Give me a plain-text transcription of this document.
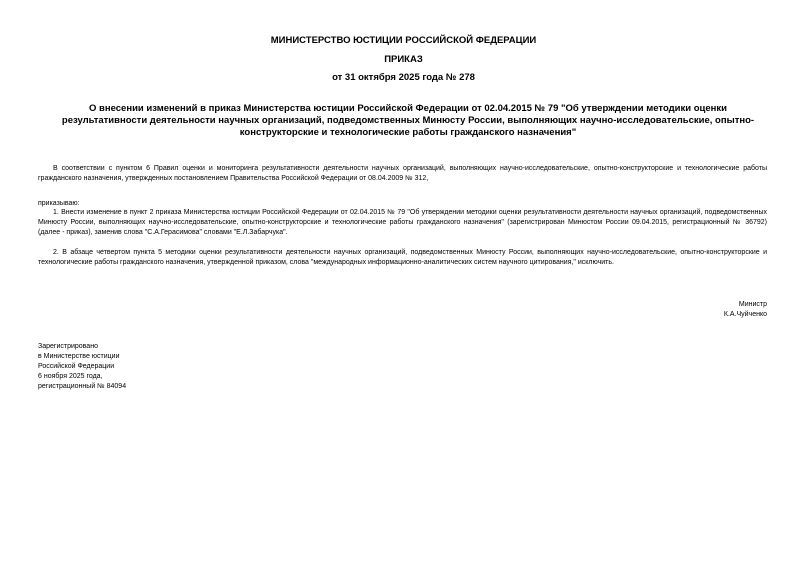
МИНИСТЕРСТВО ЮСТИЦИИ РОССИЙСКОЙ ФЕДЕРАЦИИ

ПРИКАЗ

от 31 октября 2025 года № 278

О внесении изменений в приказ Министерства юстиции Российской Федерации от 02.04.2015 № 79 "Об утверждении методики оценки результативности деятельности научных организаций, подведомственных Минюсту России, выполняющих научно-исследовательские, опытно-конструкторские и технологические работы гражданского назначения"

В соответствии с пунктом 6 Правил оценки и мониторинга результативности деятельности научных организаций, выполняющих научно-исследовательские, опытно-конструкторские и технологические работы гражданского назначения, утвержденных постановлением Правительства Российской Федерации от 08.04.2009 № 312,

приказываю:

1. Внести изменение в пункт 2 приказа Министерства юстиции Российской Федерации от 02.04.2015 № 79 "Об утверждении методики оценки результативности деятельности научных организаций, подведомственных Минюсту России, выполняющих научно-исследовательские, опытно-конструкторские и технологические работы гражданского назначения" (зарегистрирован Минюстом России 09.04.2015, регистрационный № 36792) (далее - приказ), заменив слова "С.А.Герасимова" словами "Е.Л.Забарчука".

2. В абзаце четвертом пункта 5 методики оценки результативности деятельности научных организаций, подведомственных Минюсту России, выполняющих научно-исследовательские, опытно-конструкторские и технологические работы гражданского назначения, утвержденной приказом, слова "международных информационно-аналитических систем научного цитирования," исключить.

Министр
К.А.Чуйченко
Зарегистрировано
в Министерстве юстиции
Российской Федерации
6 ноября 2025 года,
регистрационный № 84094
